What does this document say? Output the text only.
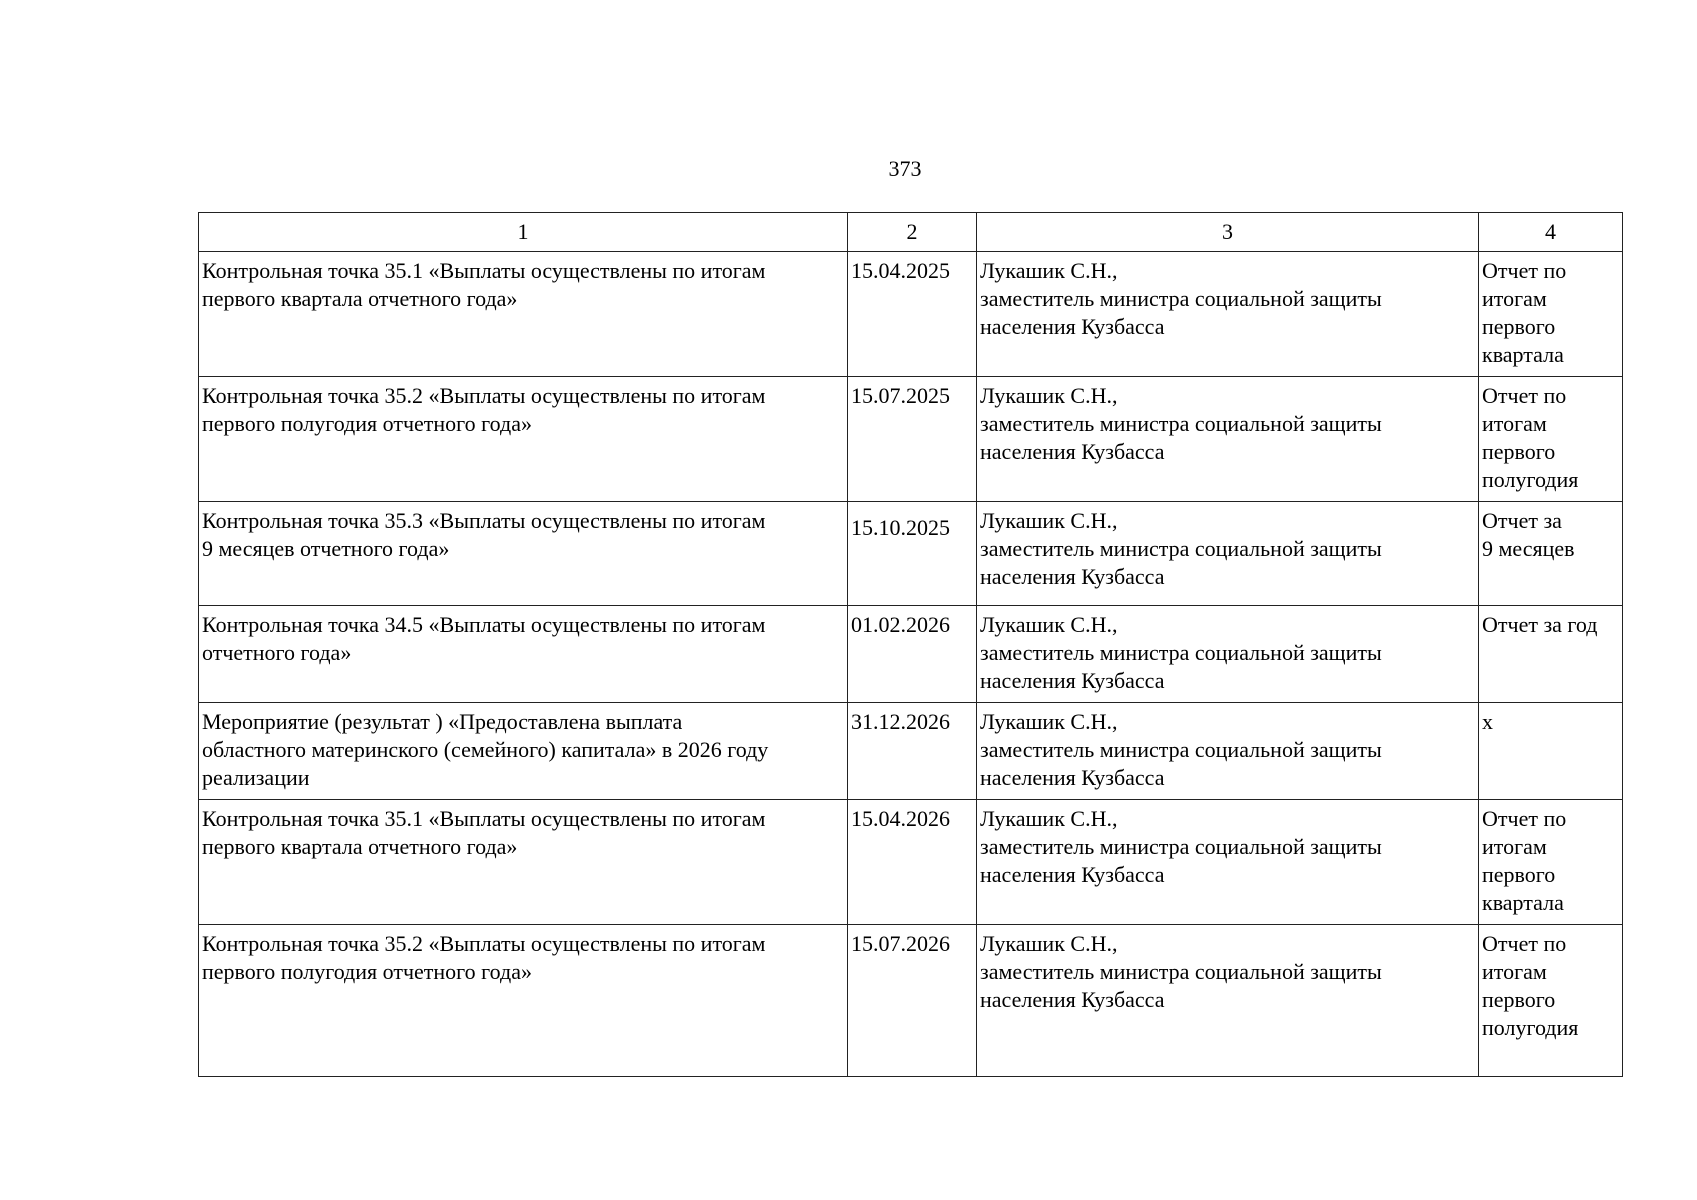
373
1	2	3	4

Контрольная точка 35.1 «Выплаты осуществлены по итогам
первого квартала отчетного года»	15.04.2025	Лукашик С.Н.,
заместитель министра социальной защиты
населения Кузбасса	Отчет по
итогам
первого
квартала

Контрольная точка 35.2 «Выплаты осуществлены по итогам
первого полугодия отчетного года»	15.07.2025	Лукашик С.Н.,
заместитель министра социальной защиты
населения Кузбасса	Отчет по
итогам
первого
полугодия

Контрольная точка 35.3 «Выплаты осуществлены по итогам
9 месяцев отчетного года»	15.10.2025	Лукашик С.Н.,
заместитель министра социальной защиты
населения Кузбасса	Отчет за
9 месяцев

Контрольная точка 34.5 «Выплаты осуществлены по итогам
отчетного года»	01.02.2026	Лукашик С.Н.,
заместитель министра социальной защиты
населения Кузбасса	Отчет за год

Мероприятие (результат ) «Предоставлена выплата
областного материнского (семейного) капитала» в 2026 году
реализации	31.12.2026	Лукашик С.Н.,
заместитель министра социальной защиты
населения Кузбасса	x

Контрольная точка 35.1 «Выплаты осуществлены по итогам
первого квартала отчетного года»	15.04.2026	Лукашик С.Н.,
заместитель министра социальной защиты
населения Кузбасса	Отчет по
итогам
первого
квартала

Контрольная точка 35.2 «Выплаты осуществлены по итогам
первого полугодия отчетного года»	15.07.2026	Лукашик С.Н.,
заместитель министра социальной защиты
населения Кузбасса	Отчет по
итогам
первого
полугодия
